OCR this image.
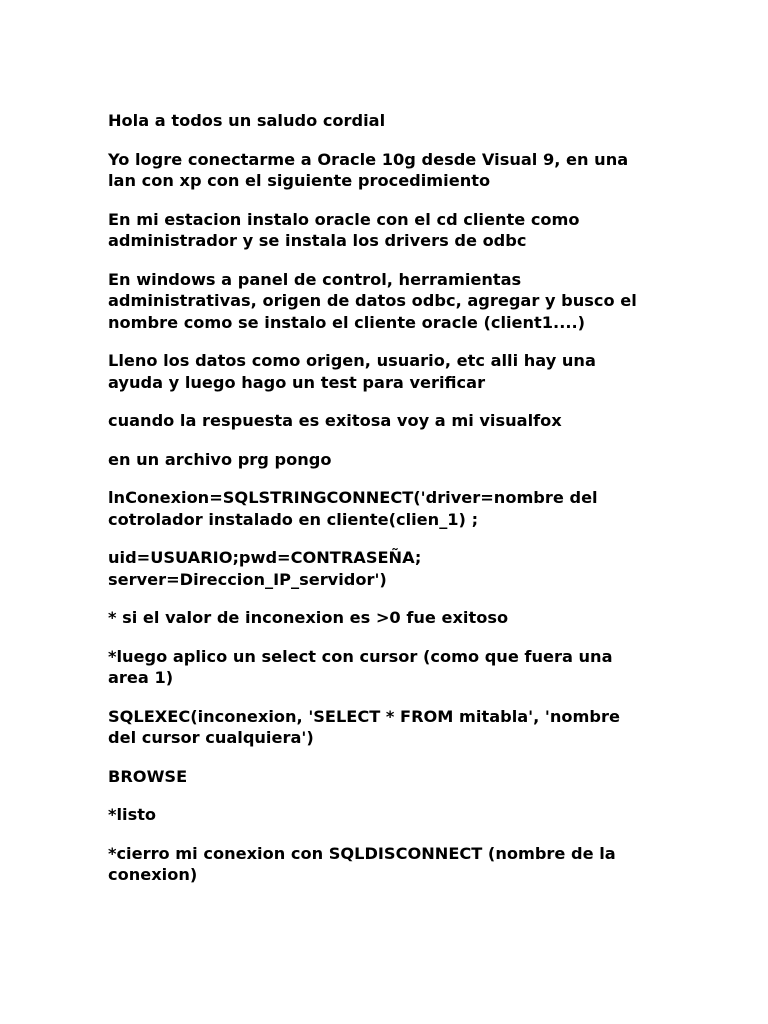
Hola a todos un saludo cordial

Yo logre conectarme a Oracle 10g desde Visual 9, en una
lan con xp con el siguiente procedimiento

En mi estacion instalo oracle con el cd cliente como
administrador y se instala los drivers de odbc

En windows a panel de control, herramientas
administrativas, origen de datos odbc, agregar y busco el
nombre como se instalo el cliente oracle (client1....)

Lleno los datos como origen, usuario, etc alli hay una
ayuda y luego hago un test para verificar

cuando la respuesta es exitosa voy a mi visualfox

en un archivo prg pongo

lnConexion=SQLSTRINGCONNECT('driver=nombre del
cotrolador instalado en cliente(clien_1) ;

uid=USUARIO;pwd=CONTRASEÑA;
server=Direccion_IP_servidor')

* si el valor de inconexion es >0 fue exitoso

*luego aplico un select con cursor (como que fuera una
area 1)

SQLEXEC(inconexion, 'SELECT * FROM mitabla', 'nombre
del cursor cualquiera')

BROWSE

*listo

*cierro mi conexion con SQLDISCONNECT (nombre de la
conexion)
